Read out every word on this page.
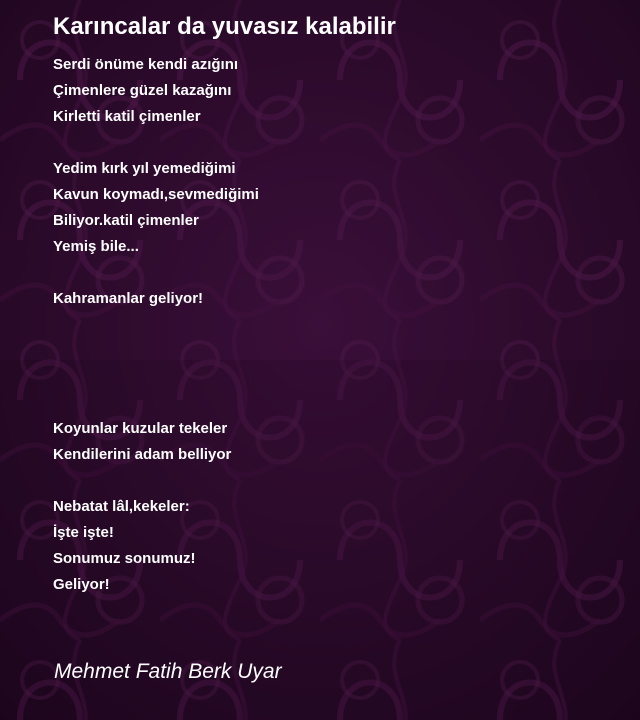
Karıncalar da yuvasız kalabilir
Serdi önüme kendi azığını
Çimenlere güzel kazağını
Kirletti katil çimenler
Yedim kırk yıl yemediğimi
Kavun koymadı,sevmediğimi
Biliyor.katil çimenler
Yemiş bile...
Kahramanlar geliyor!
Koyunlar kuzular tekeler
Kendilerini adam belliyor
Nebatat lâl,kekeler:
İşte işte!
Sonumuz sonumuz!
Geliyor!
Mehmet Fatih Berk Uyar
